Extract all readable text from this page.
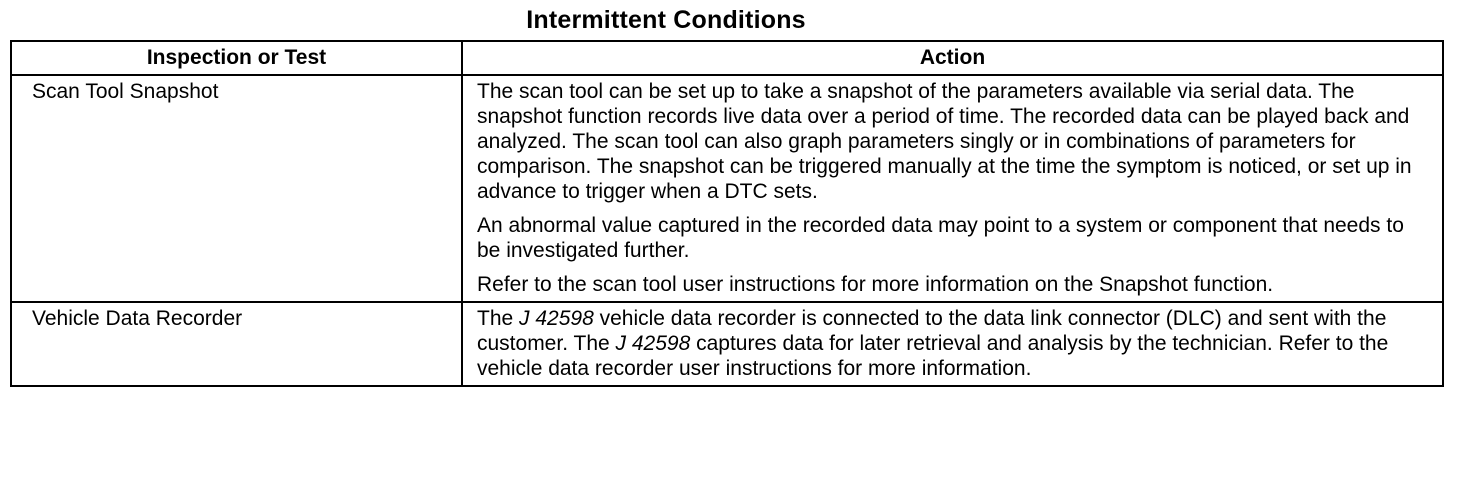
Intermittent Conditions
Inspection or Test	Action
Scan Tool Snapshot	The scan tool can be set up to take a snapshot of the parameters available via serial data. The snapshot function records live data over a period of time. The recorded data can be played back and analyzed. The scan tool can also graph parameters singly or in combinations of parameters for comparison. The snapshot can be triggered manually at the time the symptom is noticed, or set up in advance to trigger when a DTC sets.

An abnormal value captured in the recorded data may point to a system or component that needs to be investigated further.

Refer to the scan tool user instructions for more information on the Snapshot function.

Vehicle Data Recorder	The J 42598 vehicle data recorder is connected to the data link connector (DLC) and sent with the customer. The J 42598 captures data for later retrieval and analysis by the technician. Refer to the vehicle data recorder user instructions for more information.
